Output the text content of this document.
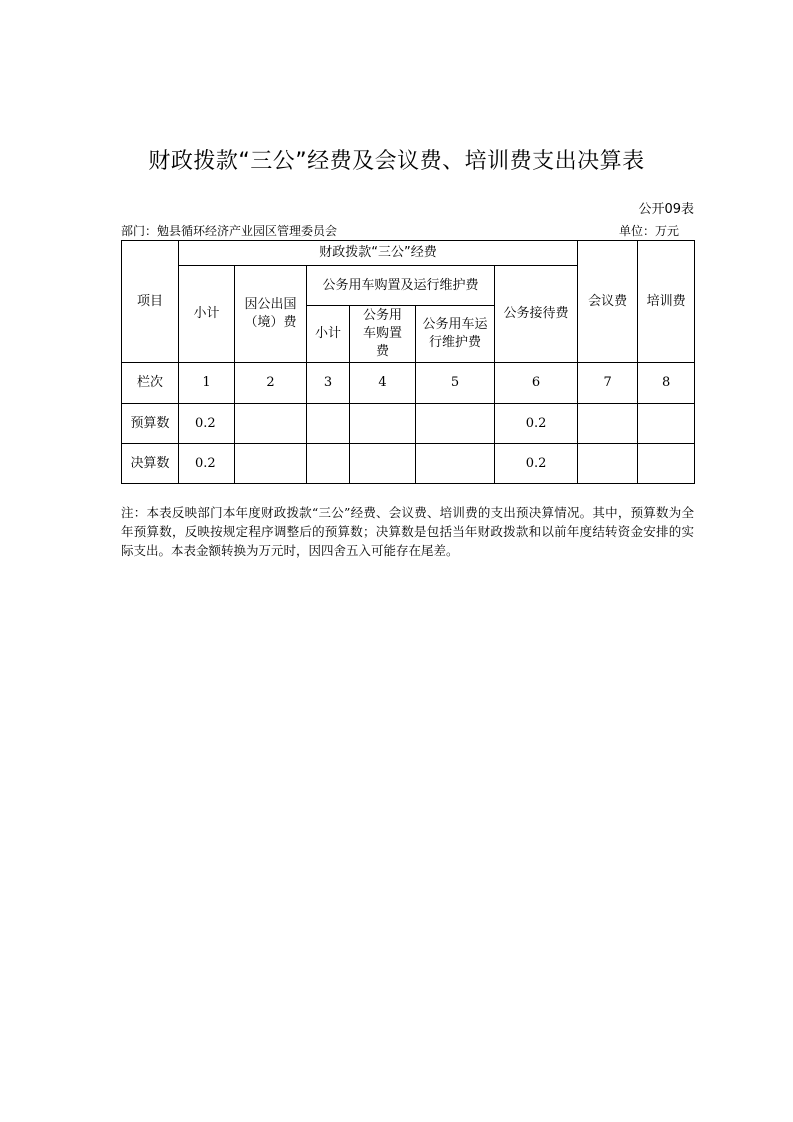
财政拨款“三公”经费及会议费、培训费支出决算表
公开09表
部门：勉县循环经济产业园区管理委员会	单位：万元
项目	财政拨款“三公”经费						会议费	培训费
	小计	因公出国（境）费	公务用车购置及运行维护费			公务接待费		
			小计	公务用车购置费	公务用车运行维护费			
栏次	1	2	3	4	5	6	7	8
预算数	0.2					0.2		
决算数	0.2					0.2		
注：本表反映部门本年度财政拨款“三公”经费、会议费、培训费的支出预决算情况。其中，预算数为全年预算数，反映按规定程序调整后的预算数；决算数是包括当年财政拨款和以前年度结转资金安排的实际支出。本表金额转换为万元时，因四舍五入可能存在尾差。
